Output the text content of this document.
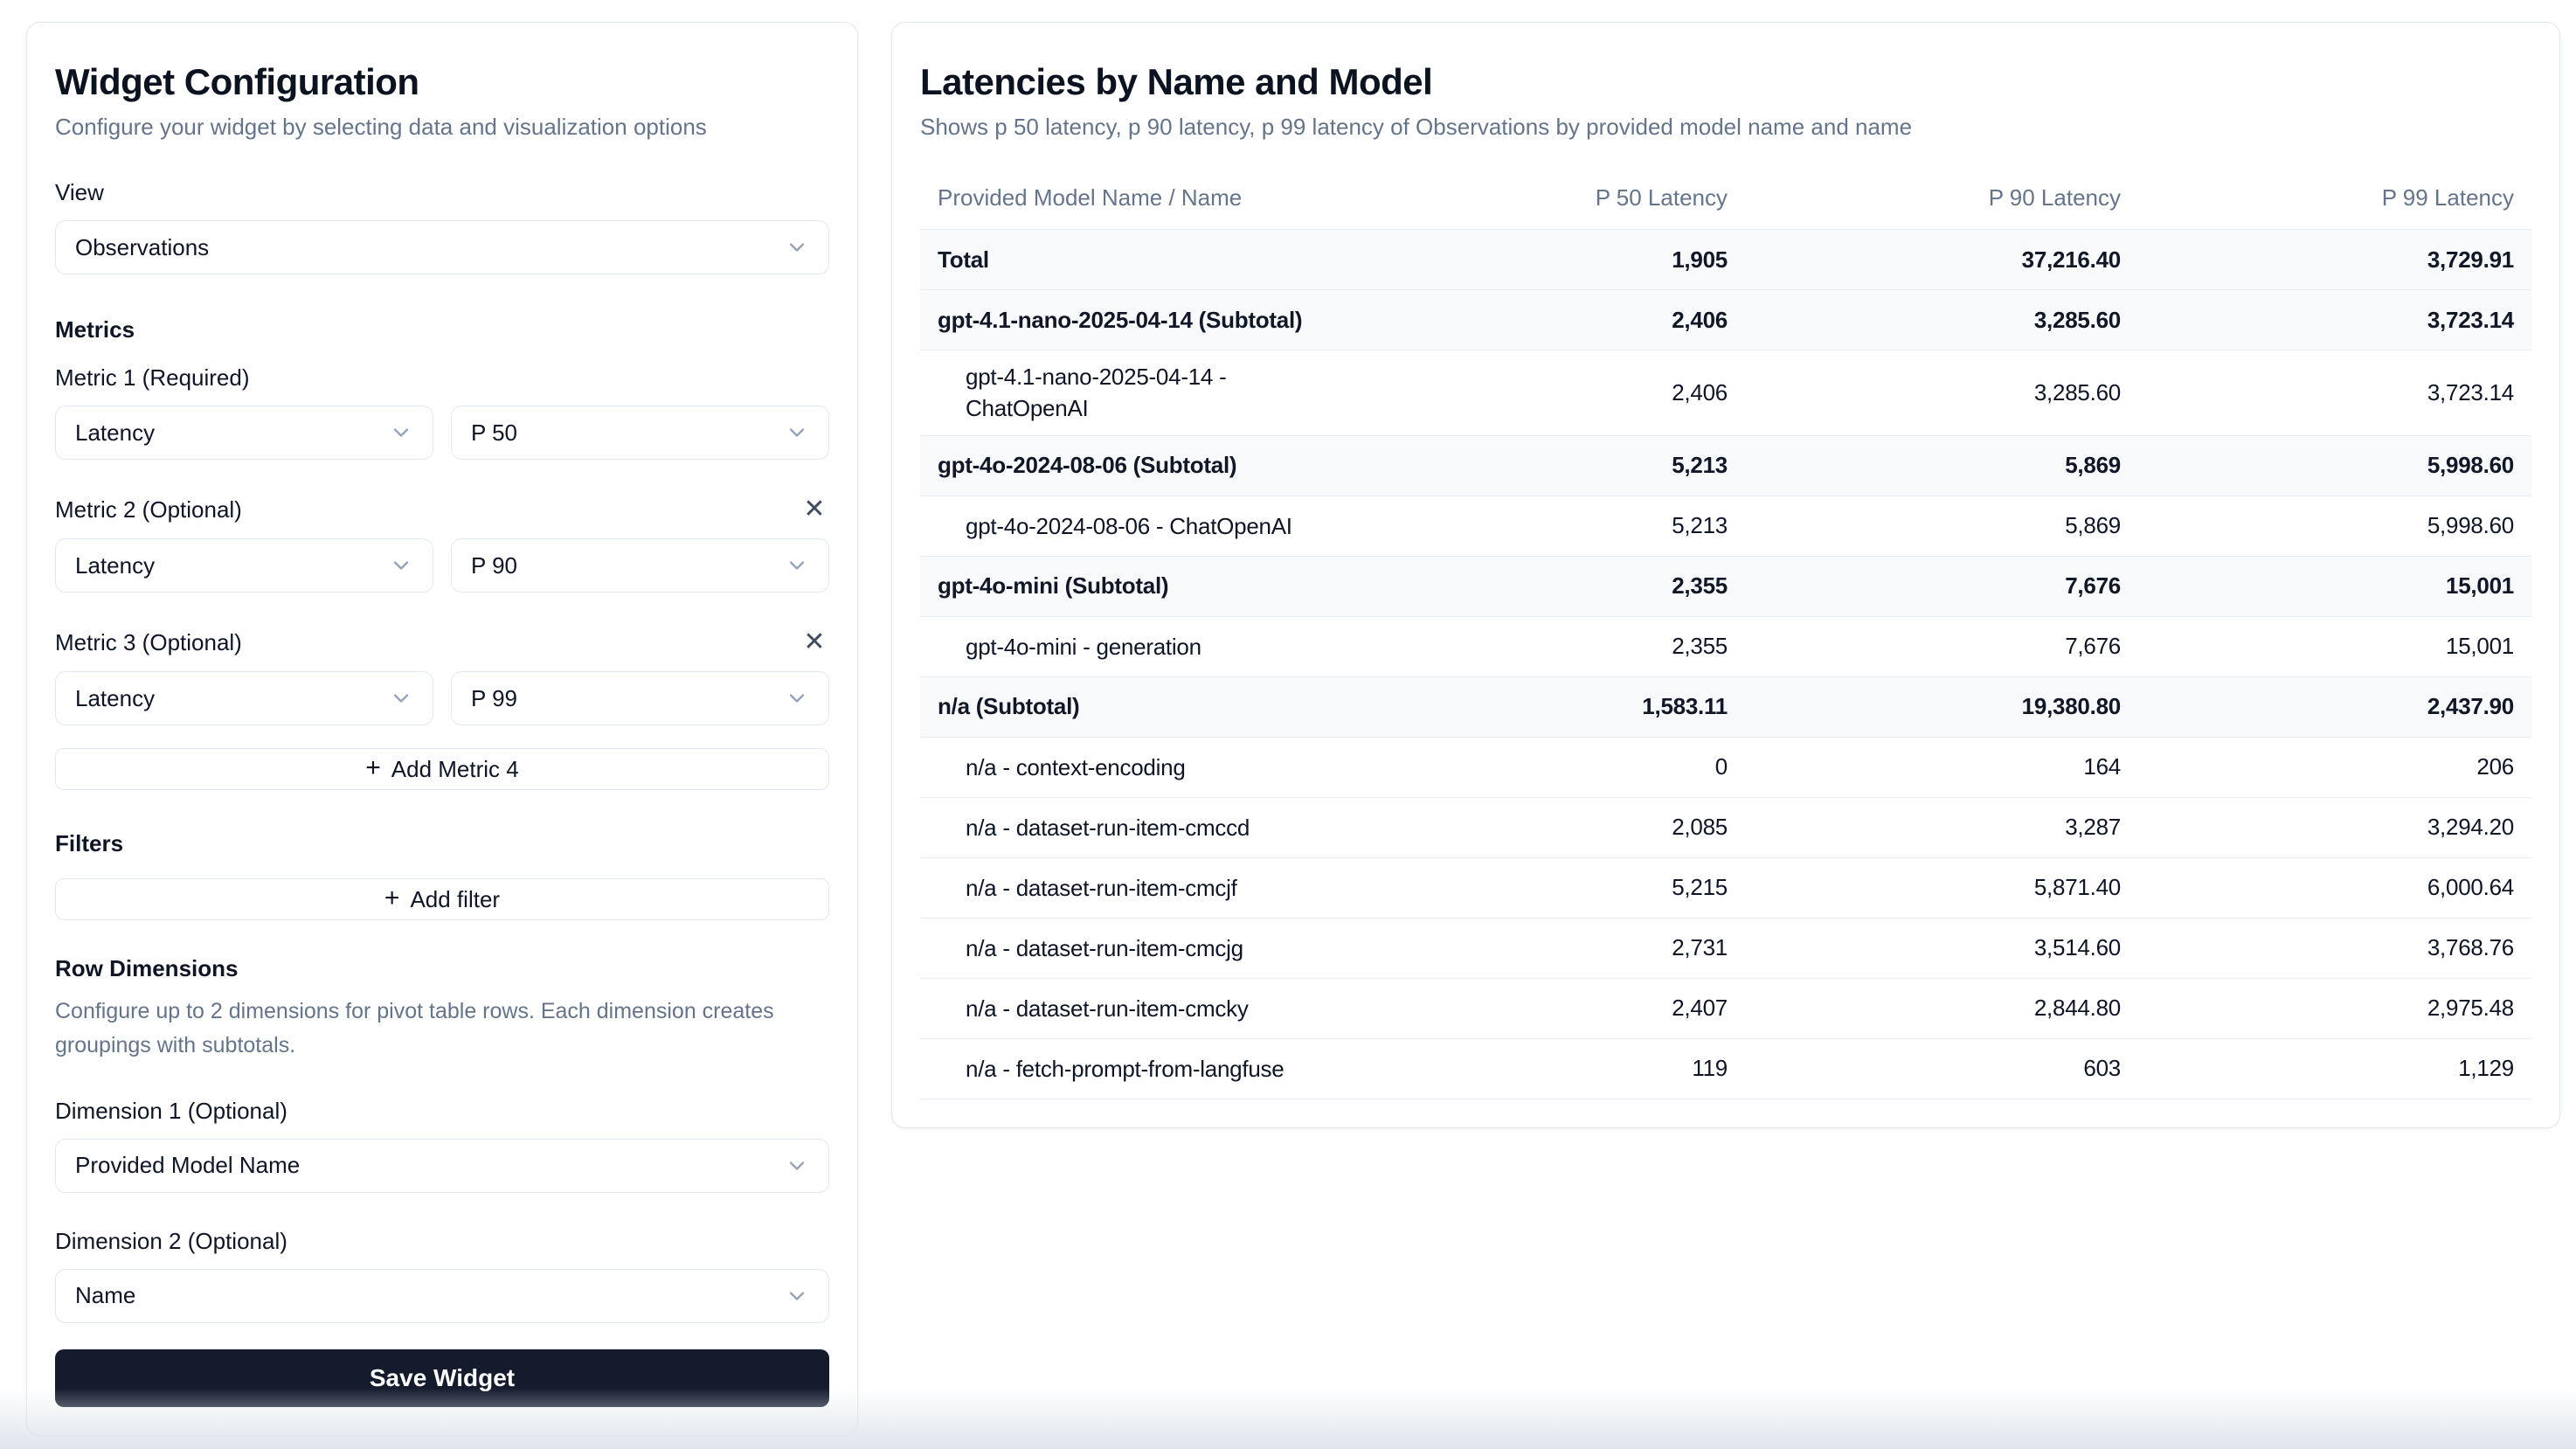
Widget Configuration

Configure your widget by selecting data and visualization options

View
Observations
Metrics
Metric 1 (Required)
Latency	P 50
Metric 2 (Optional)	✕
Latency	P 90
Metric 3 (Optional)	✕
Latency	P 99
+ Add Metric 4
Filters
+ Add filter
Row Dimensions

Configure up to 2 dimensions for pivot table rows. Each dimension creates groupings with subtotals.

Dimension 1 (Optional)
Provided Model Name
Dimension 2 (Optional)
Name
Save Widget
Latencies by Name and Model

Shows p 50 latency, p 90 latency, p 99 latency of Observations by provided model name and name

Provided Model Name / Name	P 50 Latency	P 90 Latency	P 99 Latency
Total	1,905	37,216.40	3,729.91
gpt-4.1-nano-2025-04-14 (Subtotal)	2,406	3,285.60	3,723.14
gpt-4.1-nano-2025-04-14 - ChatOpenAI
2,406	3,285.60	3,723.14
gpt-4o-2024-08-06 (Subtotal)	5,213	5,869	5,998.60
gpt-4o-2024-08-06 - ChatOpenAI	5,213	5,869	5,998.60
gpt-4o-mini (Subtotal)	2,355	7,676	15,001
gpt-4o-mini - generation	2,355	7,676	15,001
n/a (Subtotal)	1,583.11	19,380.80	2,437.90
n/a - context-encoding	0	164	206
n/a - dataset-run-item-cmccd	2,085	3,287	3,294.20
n/a - dataset-run-item-cmcjf	5,215	5,871.40	6,000.64
n/a - dataset-run-item-cmcjg	2,731	3,514.60	3,768.76
n/a - dataset-run-item-cmcky	2,407	2,844.80	2,975.48
n/a - fetch-prompt-from-langfuse	119	603	1,129
